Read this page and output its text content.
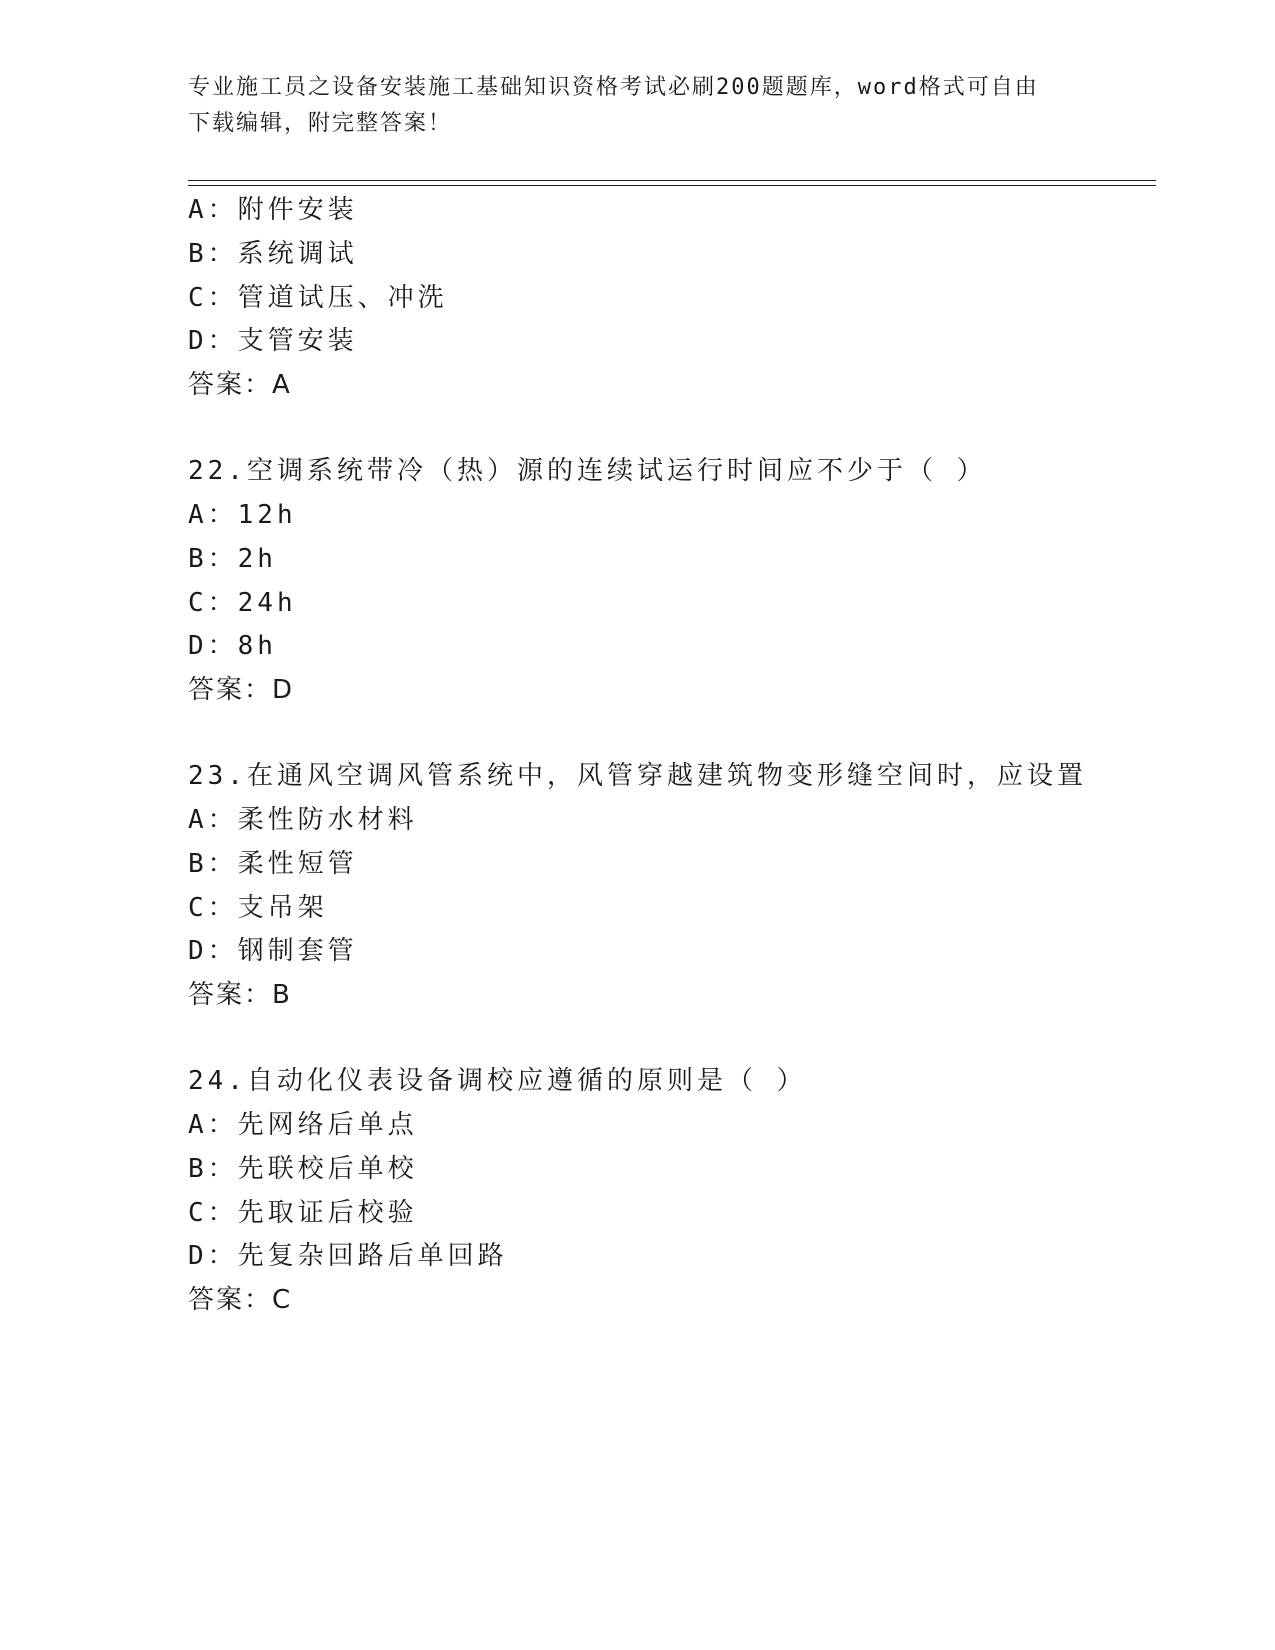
专业施工员之设备安装施工基础知识资格考试必刷200题题库，word格式可自由
下载编辑，附完整答案！
A：附件安装
B：系统调试
C：管道试压、冲洗
D：支管安装
答案：A
22.空调系统带冷（热）源的连续试运行时间应不少于（ ）
A：12h
B：2h
C：24h
D：8h
答案：D
23.在通风空调风管系统中，风管穿越建筑物变形缝空间时，应设置
A：柔性防水材料
B：柔性短管
C：支吊架
D：钢制套管
答案：B
24.自动化仪表设备调校应遵循的原则是（ ）
A：先网络后单点
B：先联校后单校
C：先取证后校验
D：先复杂回路后单回路
答案：C
